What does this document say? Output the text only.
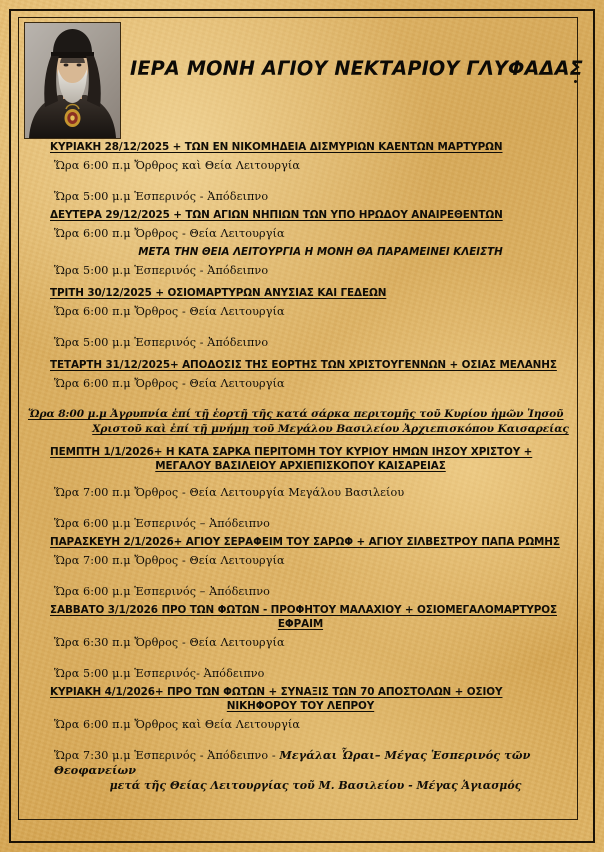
ΙΕΡΑ ΜΟΝΗ ΑΓΙΟΥ ΝΕΚΤΑΡΙΟΥ ΓΛΥΦΑΔΑΣ
ΚΥΡΙΑΚΗ 28/12/2025 + ΤΩΝ ΕΝ ΝΙΚΟΜΗΔΕΙΑ ΔΙΣΜΥΡΙΩΝ ΚΑΕΝΤΩΝ ΜΑΡΤΥΡΩΝ
Ὥρα 6:00 π.μ Ὄρθρος καὶ Θεία Λειτουργία
Ὥρα 5:00 μ.μ Ἑσπερινός - Ἀπόδειπνο
ΔΕΥΤΕΡΑ 29/12/2025 + ΤΩΝ ΑΓΙΩΝ ΝΗΠΙΩΝ ΤΩΝ ΥΠΟ ΗΡΩΔΟΥ ΑΝΑΙΡΕΘΕΝΤΩΝ
Ὥρα 6:00 π.μ Ὄρθρος - Θεία Λειτουργία
ΜΕΤΑ ΤΗΝ ΘΕΙΑ ΛΕΙΤΟΥΡΓΙΑ Η ΜΟΝΗ ΘΑ ΠΑΡΑΜΕΙΝΕΙ ΚΛΕΙΣΤΗ
Ὥρα 5:00 μ.μ Ἑσπερινός - Ἀπόδειπνο
ΤΡΙΤΗ 30/12/2025 + ΟΣΙΟΜΑΡΤΥΡΩΝ ΑΝΥΣΙΑΣ ΚΑΙ ΓΕΔΕΩΝ
Ὥρα 6:00 π.μ Ὄρθρος - Θεία Λειτουργία
Ὥρα 5:00 μ.μ Ἑσπερινός - Ἀπόδειπνο
ΤΕΤΑΡΤΗ 31/12/2025+ ΑΠΟΔΟΣΙΣ ΤΗΣ ΕΟΡΤΗΣ ΤΩΝ ΧΡΙΣΤΟΥΓΕΝΝΩΝ + ΟΣΙΑΣ ΜΕΛΑΝΗΣ
Ὥρα 6:00 π.μ Ὄρθρος - Θεία Λειτουργία
Ὥρα 8:00 μ.μ Ἀγρυπνία ἐπί τῇ ἑορτῇ τῆς κατά σάρκα περιτομῆς τοῦ Κυρίου ἡμῶν Ἰησοῦ
Χριστοῦ καὶ ἐπί τῇ μνήμῃ τοῦ Μεγάλου Βασιλείου Ἀρχιεπισκόπου Καισαρείας
ΠΕΜΠΤΗ 1/1/2026+ Η ΚΑΤΑ ΣΑΡΚΑ ΠΕΡΙΤΟΜΗ ΤΟΥ ΚΥΡΙΟΥ ΗΜΩΝ ΙΗΣΟΥ ΧΡΙΣΤΟΥ +
ΜΕΓΑΛΟΥ ΒΑΣΙΛΕΙΟΥ ΑΡΧΙΕΠΙΣΚΟΠΟΥ ΚΑΙΣΑΡΕΙΑΣ
Ὥρα 7:00 π.μ Ὄρθρος - Θεία Λειτουργία Μεγάλου Βασιλείου
Ὥρα 6:00 μ.μ Ἑσπερινός – Ἀπόδειπνο
ΠΑΡΑΣΚΕΥΗ 2/1/2026+ ΑΓΙΟΥ ΣΕΡΑΦΕΙΜ ΤΟΥ ΣΑΡΩΦ + ΑΓΙΟΥ ΣΙΛΒΕΣΤΡΟΥ ΠΑΠΑ ΡΩΜΗΣ
Ὥρα 7:00 π.μ Ὄρθρος - Θεία Λειτουργία
Ὥρα 6:00 μ.μ Ἑσπερινός – Ἀπόδειπνο
ΣΑΒΒΑΤΟ 3/1/2026 ΠΡΟ ΤΩΝ ΦΩΤΩΝ - ΠΡΟΦΗΤΟΥ ΜΑΛΑΧΙΟΥ + ΟΣΙΟΜΕΓΑΛΟΜΑΡΤΥΡΟΣ
ΕΦΡΑΙΜ
Ὥρα 6:30 π.μ Ὄρθρος - Θεία Λειτουργία
Ὥρα 5:00 μ.μ Ἑσπερινός- Ἀπόδειπνο
ΚΥΡΙΑΚΗ 4/1/2026+ ΠΡΟ ΤΩΝ ΦΩΤΩΝ + ΣΥΝΑΞΙΣ ΤΩΝ 70 ΑΠΟΣΤΟΛΩΝ + ΟΣΙΟΥ
ΝΙΚΗΦΟΡΟΥ ΤΟΥ ΛΕΠΡΟΥ
Ὥρα 6:00 π.μ Ὄρθρος καὶ Θεία Λειτουργία
Ὥρα 7:30 μ.μ Ἑσπερινός - Ἀπόδειπνο - Μεγάλαι Ὧραι– Μέγας Ἑσπερινός τῶν Θεοφανείων
μετά τῆς Θείας Λειτουργίας τοῦ Μ. Βασιλείου - Μέγας Ἁγιασμός
